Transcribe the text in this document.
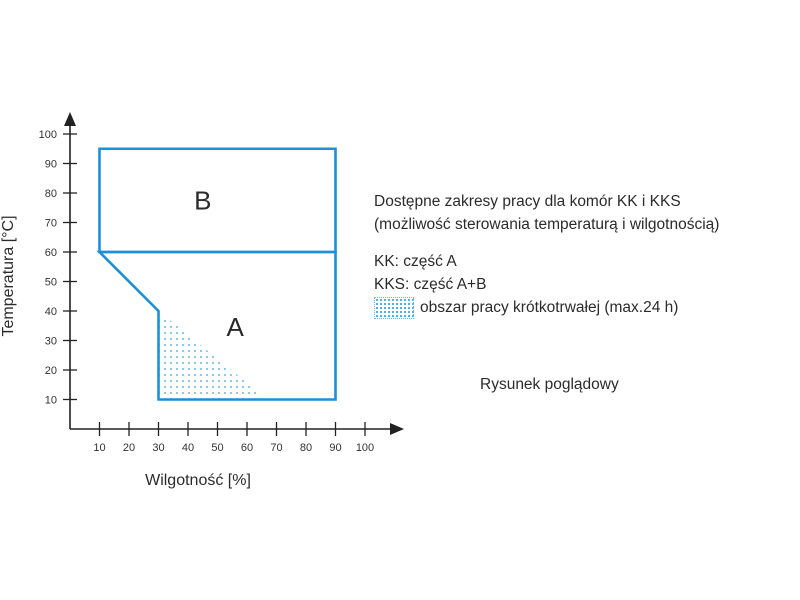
10 20 30 40 50 60 70 80 90 100
10
20
30
40
50
60
70
80
90
100
B
A
Wilgotność [%]
Temperatura [°C]
Dostępne zakresy pracy dla komór KK i KKS
(możliwość sterowania temperaturą i wilgotnością)
KK: część A
KKS: część A+B
obszar pracy krótkotrwałej (max.24 h)
Rysunek poglądowy
